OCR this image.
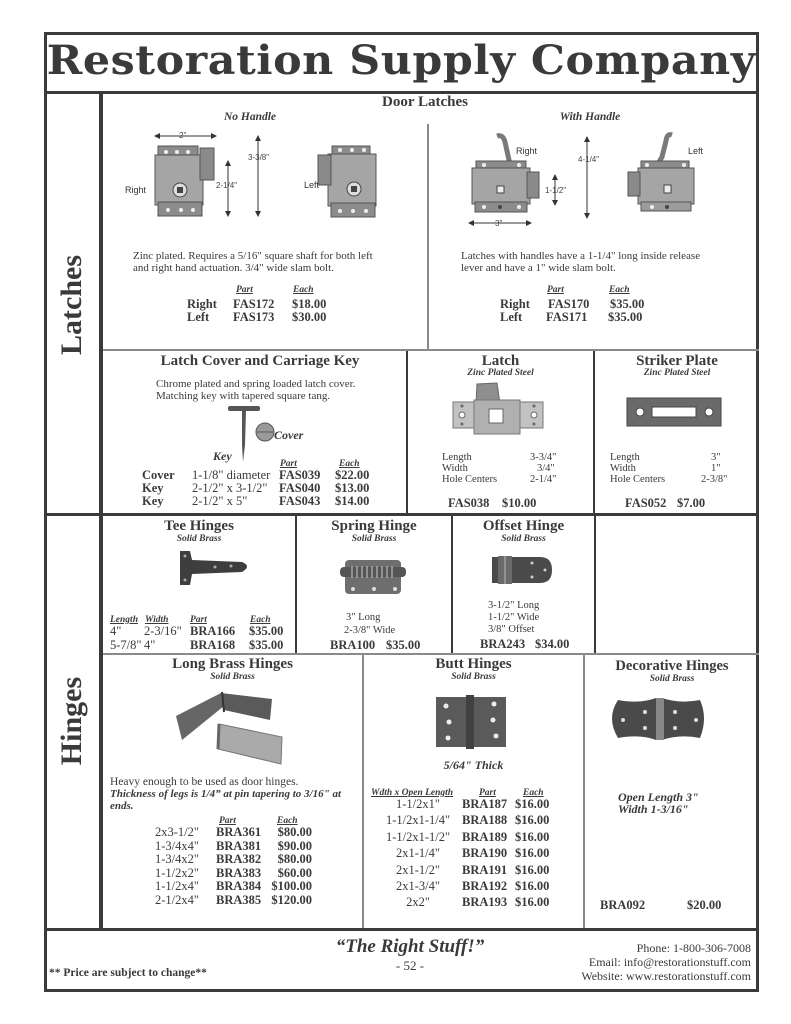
Restoration Supply Company
Latches
Hinges
Door Latches
No Handle
2"
2-1/4"
3-3/8"
Right	Left
Zinc plated. Requires a 5/16" square shaft for both left
and right hand actuation. 3/4" wide slam bolt.
Part	Each
Right FAS172 $18.00
Left FAS173 $30.00
With Handle
Right	Left
3"
1-1/2"
4-1/4"
Latches with handles have a 1-1/4" long inside release
lever and have a 1" wide slam bolt.
Part	Each
Right FAS170 $35.00
Left FAS171 $35.00
Latch Cover and Carriage Key
Chrome plated and spring loaded latch cover.
Matching key with tapered square tang.
Cover
Key
Part	Each
Cover 1-1/8" diameter FAS039 $22.00
Key 2-1/2" x 3-1/2" FAS040 $13.00
Key 2-1/2" x 5"	FAS043 $14.00
Latch
Zinc Plated Steel
Length	3-3/4"
Width	3/4"
Hole Centers	2-1/4"
FAS038 $10.00
Striker Plate
Zinc Plated Steel
Length	3"
Width	1"
Hole Centers	2-3/8"
FAS052 $7.00
Tee Hinges
Solid Brass
Length Width Part	Each
4" 2-3/16" BRA166 $35.00
5-7/8" 4"	BRA168 $35.00
Spring Hinge
Solid Brass
3" Long
2-3/8" Wide
BRA100 $35.00
Offset Hinge
Solid Brass
3-1/2" Long
1-1/2" Wide
3/8" Offset
BRA243 $34.00
Long Brass Hinges
Solid Brass
Heavy enough to be used as door hinges.
Thickness of legs is 1/4” at pin tapering to 3/16" at
ends.
Part	Each
2x3-1/2" BRA361 $80.00
1-3/4x4" BRA381 $90.00
1-3/4x2" BRA382 $80.00
1-1/2x2" BRA383 $60.00
1-1/2x4" BRA384 $100.00
2-1/2x4" BRA385 $120.00
Butt Hinges
Solid Brass
5/64" Thick
Wdth x Open Length	Part	Each
1-1/2x1"	BRA187 $16.00
1-1/2x1-1/4" BRA188 $16.00
1-1/2x1-1/2" BRA189 $16.00
2x1-1/4"	BRA190 $16.00
2x1-1/2"	BRA191 $16.00
2x1-3/4"	BRA192 $16.00
2x2"	BRA193 $16.00
Decorative Hinges
Solid Brass
Open Length 3"
Width 1-3/16"
BRA092	$20.00
“The Right Stuff!”
- 52 -
** Price are subject to change**
Phone: 1-800-306-7008
Email: info@restorationstuff.com
Website: www.restorationstuff.com
